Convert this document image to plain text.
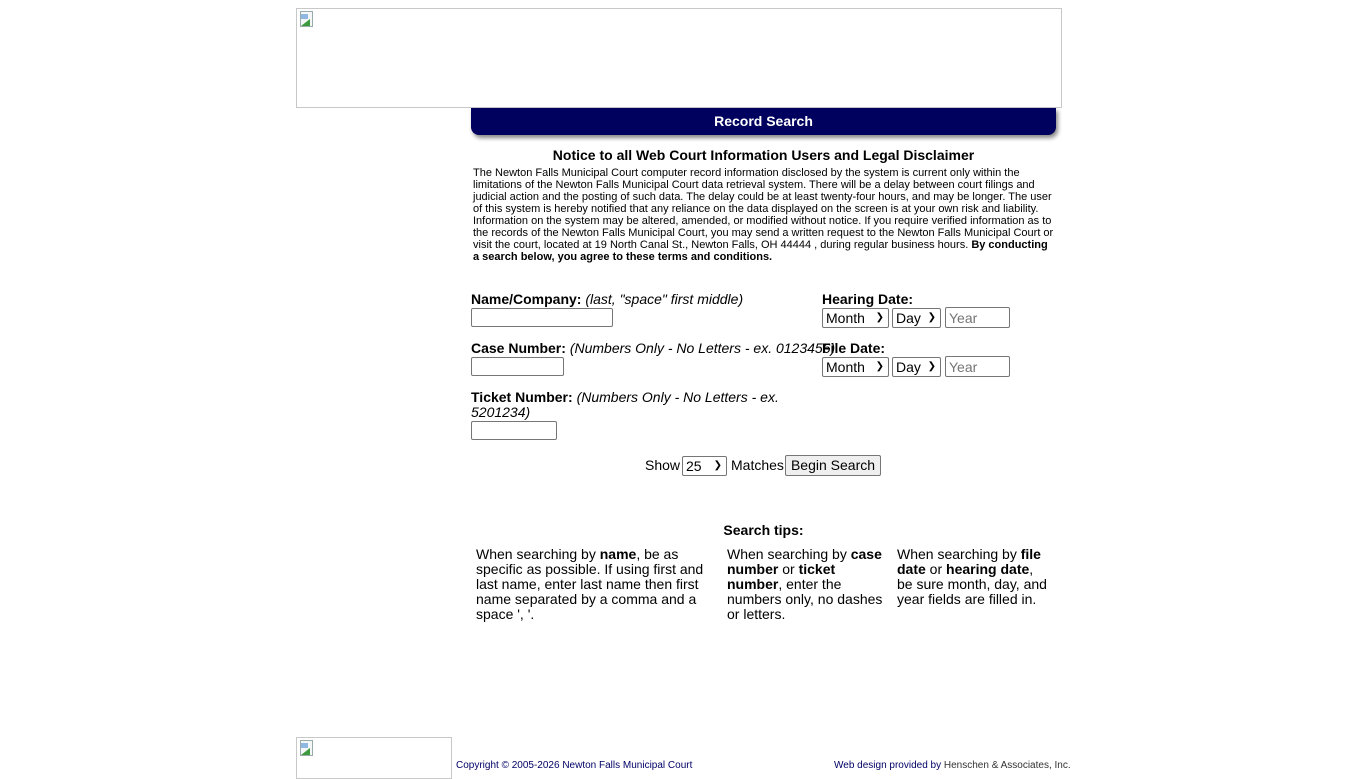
Record Search
Notice to all Web Court Information Users and Legal Disclaimer
The Newton Falls Municipal Court computer record information disclosed by the system is current only within the limitations of the Newton Falls Municipal Court data retrieval system. There will be a delay between court filings and judicial action and the posting of such data. The delay could be at least twenty-four hours, and may be longer. The user of this system is hereby notified that any reliance on the data displayed on the screen is at your own risk and liability. Information on the system may be altered, amended, or modified without notice. If you require verified information as to the records of the Newton Falls Municipal Court, you may send a written request to the Newton Falls Municipal Court or visit the court, located at 19 North Canal St., Newton Falls, OH 44444 , during regular business hours. By conducting a search below, you agree to these terms and conditions.
Name/Company: (last, "space" first middle)
Case Number: (Numbers Only - No Letters - ex. 0123456)
Ticket Number: (Numbers Only - No Letters - ex. 5201234)
Hearing Date:
Month ❯ Day ❯
Year
File Date:
Month ❯ Day ❯
Year
Show 25 ❯ Matches Begin Search
Search tips:
When searching by name, be as specific as possible. If using first and last name, enter last name then first name separated by a comma and a space ', '.
When searching by case number or ticket number, enter the numbers only, no dashes or letters.
When searching by file date or hearing date, be sure month, day, and year fields are filled in.
Copyright © 2005-2026 Newton Falls Municipal Court	Web design provided by Henschen & Associates, Inc.
